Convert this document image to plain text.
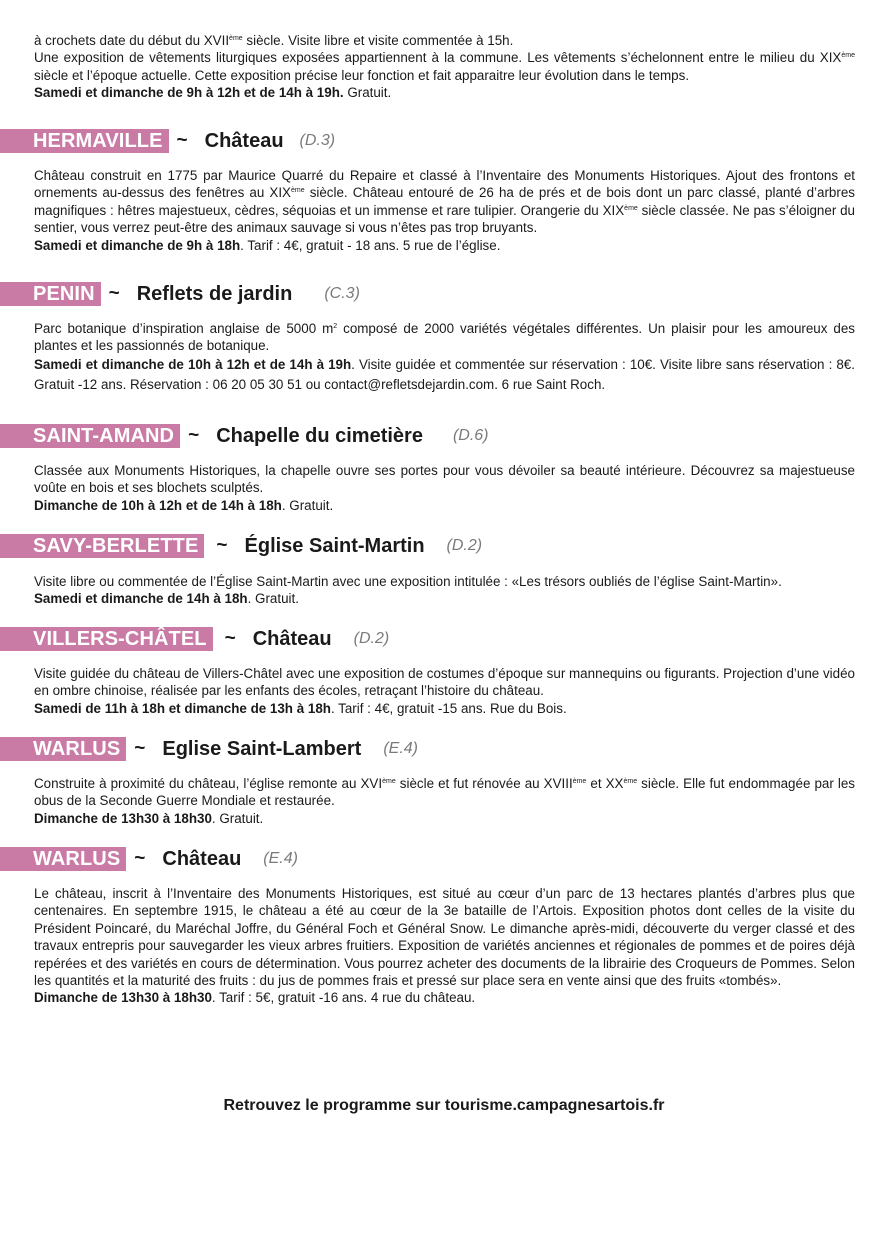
à crochets date du début du XVIIème siècle. Visite libre et visite commentée à 15h.
Une exposition de vêtements liturgiques exposées appartiennent à la commune. Les vêtements s’échelonnent entre le milieu du XIXème siècle et l’époque actuelle. Cette exposition précise leur fonction et fait apparaitre leur évolution dans le temps.
Samedi et dimanche de 9h à 12h et de 14h à 19h. Gratuit.

HERMAVILLE ~ Château (D.3)

Château construit en 1775 par Maurice Quarré du Repaire et classé à l’Inventaire des Monuments Historiques. Ajout des frontons et ornements au-dessus des fenêtres au XIXème siècle. Château entouré de 26 ha de prés et de bois dont un parc classé, planté d’arbres magnifiques : hêtres majestueux, cèdres, séquoias et un immense et rare tulipier. Orangerie du XIXème siècle classée. Ne pas s’éloigner du sentier, vous verrez peut-être des animaux sauvage si vous n’êtes pas trop bruyants.
Samedi et dimanche de 9h à 18h. Tarif : 4€, gratuit - 18 ans. 5 rue de l’église.

PENIN ~ Reflets de jardin (C.3)

Parc botanique d’inspiration anglaise de 5000 $m^2$ composé de 2000 variétés végétales différentes. Un plaisir pour les amoureux des plantes et les passionnés de botanique.
Samedi et dimanche de 10h à 12h et de 14h à 19h. Visite guidée et commentée sur réservation : 10€. Visite libre sans réservation : 8€. Gratuit -12 ans. Réservation : 06 20 05 30 51 ou contact@refletsdejardin.com. 6 rue Saint Roch.

SAINT-AMAND ~ Chapelle du cimetière (D.6)

Classée aux Monuments Historiques, la chapelle ouvre ses portes pour vous dévoiler sa beauté intérieure. Découvrez sa majestueuse voûte en bois et ses blochets sculptés.
Dimanche de 10h à 12h et de 14h à 18h. Gratuit.

SAVY-BERLETTE ~ Église Saint-Martin (D.2)

Visite libre ou commentée de l’Église Saint-Martin avec une exposition intitulée : «Les trésors oubliés de l’église Saint-Martin».
Samedi et dimanche de 14h à 18h. Gratuit.

VILLERS-CHÂTEL ~ Château (D.2)

Visite guidée du château de Villers-Châtel avec une exposition de costumes d’époque sur mannequins ou figurants. Projection d’une vidéo en ombre chinoise, réalisée par les enfants des écoles, retraçant l’histoire du château.
Samedi de 11h à 18h et dimanche de 13h à 18h. Tarif : 4€, gratuit -15 ans. Rue du Bois.

WARLUS ~ Eglise Saint-Lambert (E.4)

Construite à proximité du château, l’église remonte au XVIème siècle et fut rénovée au XVIIIème et XXème siècle. Elle fut endommagée par les obus de la Seconde Guerre Mondiale et restaurée.
Dimanche de 13h30 à 18h30. Gratuit.

WARLUS ~ Château (E.4)

Le château, inscrit à l’Inventaire des Monuments Historiques, est situé au cœur d’un parc de 13 hectares plantés d’arbres plus que centenaires. En septembre 1915, le château a été au cœur de la 3e bataille de l’Artois. Exposition photos dont celles de la visite du Président Poincaré, du Maréchal Joffre, du Général Foch et Général Snow. Le dimanche après-midi, découverte du verger classé et des travaux entrepris pour sauvegarder les vieux arbres fruitiers. Exposition de variétés anciennes et régionales de pommes et de poires déjà repérées et des variétés en cours de détermination. Vous pourrez acheter des documents de la librairie des Croqueurs de Pommes. Selon les quantités et la maturité des fruits : du jus de pommes frais et pressé sur place sera en vente ainsi que des fruits «tombés».
Dimanche de 13h30 à 18h30. Tarif : 5€, gratuit -16 ans. 4 rue du château.

Retrouvez le programme sur tourisme.campagnesartois.fr
